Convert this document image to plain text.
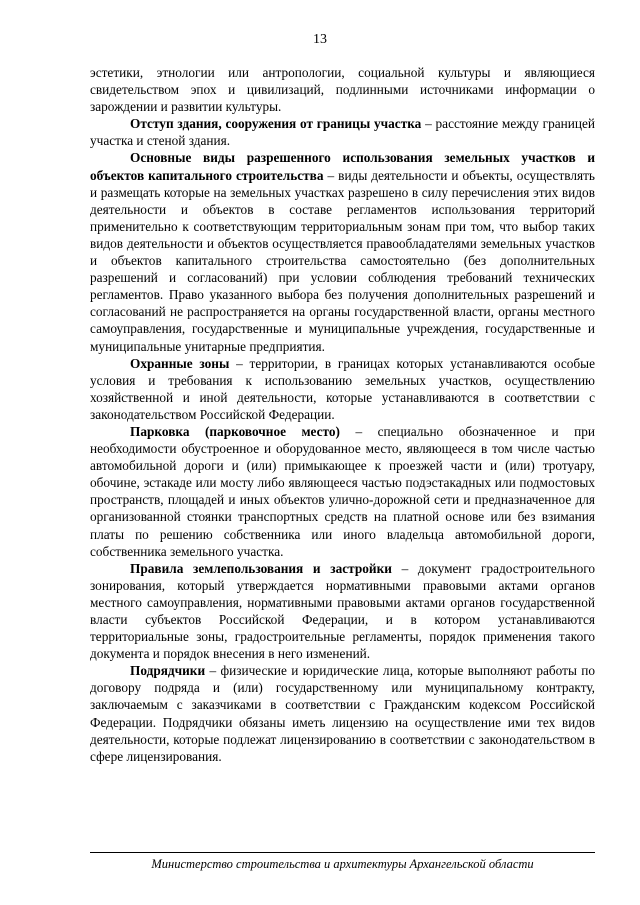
13

эстетики, этнологии или антропологии, социальной культуры и являющиеся свидетельством эпох и цивилизаций, подлинными источниками информации о зарождении и развитии культуры.

Отступ здания, сооружения от границы участка – расстояние между границей участка и стеной здания.

Основные виды разрешенного использования земельных участков и объектов капитального строительства – виды деятельности и объекты, осуществлять и размещать которые на земельных участках разрешено в силу перечисления этих видов деятельности и объектов в составе регламентов использования территорий применительно к соответствующим территориальным зонам при том, что выбор таких видов деятельности и объектов осуществляется правообладателями земельных участков и объектов капитального строительства самостоятельно (без дополнительных разрешений и согласований) при условии соблюдения требований технических регламентов. Право указанного выбора без получения дополнительных разрешений и согласований не распространяется на органы государственной власти, органы местного самоуправления, государственные и муниципальные учреждения, государственные и муниципальные унитарные предприятия.

Охранные зоны – территории, в границах которых устанавливаются особые условия и требования к использованию земельных участков, осуществлению хозяйственной и иной деятельности, которые устанавливаются в соответствии с законодательством Российской Федерации.

Парковка (парковочное место) – специально обозначенное и при необходимости обустроенное и оборудованное место, являющееся в том числе частью автомобильной дороги и (или) примыкающее к проезжей части и (или) тротуару, обочине, эстакаде или мосту либо являющееся частью подэстакадных или подмостовых пространств, площадей и иных объектов улично-дорожной сети и предназначенное для организованной стоянки транспортных средств на платной основе или без взимания платы по решению собственника или иного владельца автомобильной дороги, собственника земельного участка.

Правила землепользования и застройки – документ градостроительного зонирования, который утверждается нормативными правовыми актами органов местного самоуправления, нормативными правовыми актами органов государственной власти субъектов Российской Федерации, и в котором устанавливаются территориальные зоны, градостроительные регламенты, порядок применения такого документа и порядок внесения в него изменений.

Подрядчики – физические и юридические лица, которые выполняют работы по договору подряда и (или) государственному или муниципальному контракту, заключаемым с заказчиками в соответствии с Гражданским кодексом Российской Федерации. Подрядчики обязаны иметь лицензию на осуществление ими тех видов деятельности, которые подлежат лицензированию в соответствии с законодательством в сфере лицензирования.

Министерство строительства и архитектуры Архангельской области
